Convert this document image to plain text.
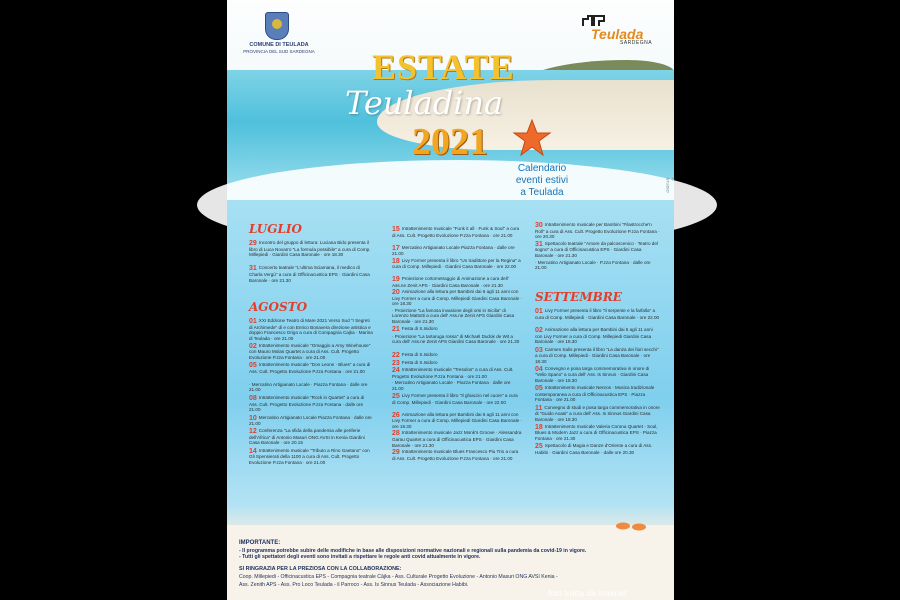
COMUNE DI TEULADA
PROVINCIA DEL SUD SARDEGNA
Teulada
SARDEGNA
ESTATE
Teuladina
2021
Calendario
eventi estivi
a Teulada
© STUDIO
LUGLIO
AGOSTO
SETTEMBRE
29 Incontro del gruppo di lettura: Luciana Bido presenta il libro di Luca Novarro "La formula possibile" a cura di Comp. Millepiedi · Giardini Casa Baronale · ore 18.30
31 Concerto teatrale "L'ultima Sciamana, il medico di Charla Vergù" a cura di Officinacustica EPS · Giardini Casa Baronale · ore 21.30
01 XXI Edizione Teatro di Mare 2021 Verso Sud "I Segreti di Archimede" di e con Enrico Bonavera direzione artistica e doppio Francesco Origo a cura di Compagnia Cajka · Marina di Teulada · ore 21.00
02 Intrattenimento musicale "Omaggio a Amy Winehouse" con Mauro Molas Quartet a cura di Ass. Cult. Progetto Evoluzione P.zza Fontana · ore 21.00
05 Intrattenimento musicale "Don Leone · Blues" a cura di Ass. Cult. Progetto Evoluzione P.zza Fontana · ore 21.00
· Mercatino Artigianato Locale · Piazza Fontana · dalle ore 21.00
08 Intrattenimento musicale "Rock in Quartet" a cura di Ass. Cult. Progetto Evoluzione P.zza Fontana · dalle ore 21.00
10 Mercatino Artigianato Locale Piazza Fontana · dalle ore 21.00
12 Conferenza "La sfida della pandemia alle periferie dell'Africa" di Antonio Masuri ONG AVSI in Kenia Giardini Casa Baronale · ore 20.15
14 Intrattenimento musicale "Tributo a Rino Gaetano" con Gli Spensierati della 1100 a cura di Ass. Cult. Progetto Evoluzione P.zza Fontana · ore 21.00
15 Intrattenimento musicale "Funk it all · Funk & Soul" a cura di Ass. Cult. Progetto Evoluzione P.zza Fontana · ore 21.00
17 Mercatino Artigianato Locale Piazza Fontana · dalle ore 21.00
18 Livy Former presenta il libro "Un tradittore per la Regina" a cura di Comp. Millepiedi · Giardini Casa Baronale · ore 22.00
19 Proiezione cortometraggio di Animazione a cura dell' Ass.ne Zenit APS · Giardini Casa Baronale · ore 21.30
20 Animazione alla lettura per Bambini dai 6 agli 11 anni con Livy Former a cura di Comp. Millepiedi Giardini Casa Baronale · ore 18.30
· Proiezione "La famosa invasione degli orsi in Sicilia" di Lorenzo Mattotti a cura dell' Ass.ne Zenit APS Giardini Casa Baronale · ore 21.30
21 Festa di S.Isidoro
· Proiezione "La tartaruga rossa" di Michaël Dudok de Wit a cura dell' Ass.ne Zenit APS Giardini Casa Baronale · ore 21.30
22 Festa di S.Isidoro
23 Festa di S.Isidoro
24 Intrattenimento musicale "Tresolos" a cura di Ass. Cult. Progetto Evoluzione P.zza Fontana · ore 21.00
· Mercatino Artigianato Locale · Piazza Fontana · dalle ore 21.00
25 Livy Former presenta il libro "Il ghiaccio nel cuore" a cura di Comp. Millepiedi · Giardini Casa Baronale · ore 22.00
26 Animazione alla lettura per Bambini dai 6 agli 11 anni con Livy Former a cura di Comp. Millepiedi Giardini Casa Baronale · ore 18.30
28 Intrattenimento musicale Jazz Monk's Groove · Alessandra Garau Quartet a cura di Officinacustica EPS · Giardini Casa Baronale · ore 21.30
29 Intrattenimento musicale Blues Francesco Piu Trio a cura di Ass. Cult. Progetto Evoluzione P.zza Fontana · ore 21.00
30 Intrattenimento musicale per Bambini "Filastrocche'n Roll" a cura di Ass. Cult. Progetto Evoluzione P.zza Fontana · ore 20.30
31 Spettacolo teatrale "Amore da palcoscenico · Teatro del sogno" a cura di Officinacustica EPS · Giardini Casa Baronale · ore 21.30
· Mercatino Artigianato Locale · P.zza Fontana · dalle ore 21.00
01 Livy Former presenta il libro "Il serpente e la farfalla" a cura di Comp. Millepiedi · Giardini Casa Baronale · ore 22.00
02 Animazione alla lettura per Bambini dai 6 agli 11 anni con Livy Former a cura di Comp. Millepiedi Giardini Casa Baronale · ore 18.30
03 Carmen Salis presenta il libro "La danza dei fiori secchi" a cura di Comp. Millepiedi · Giardini Casa Baronale · ore 18.30
04 Convegno e posa targa commemorativa in onore di "Velio Spano" a cura dell' Ass. Is Sinnus · Giardini Casa Baronale · ore 18.30
05 Intrattenimento musicale Nenros · Musica tradizionale contemporanea a cura di Officinacustica EPS · Piazza Fontana · ore 21.00
11 Convegno di studi e posa targa commemorativa in onore di "Guido Aoasi" a cura dell' Ass. Is Sinnus Giardini Casa Baronale · ore 18.30
18 Intrattenimento musicale Valeria Corona Quartet · Soul, Blues & Modern Jazz a cura di Officinacustica EPS · Piazza Fontana · ore 21.30
25 Spettacolo di Magia e Danze d'Oriente a cura di Ass. Habibi · Giardini Casa Baronale · dalle ore 20.30
IMPORTANTE:
- Il programma potrebbe subire delle modifiche in base alle disposizioni normative nazionali e regionali sulla pandemia da covid-19 in vigore.
- Tutti gli spettatori degli eventi sono invitati a rispettare le regole anti covid attualmente in vigore.
SI RINGRAZIA PER LA PREZIOSA CON LA COLLABORAZIONE:
Coop. Millepiedi - Officinacustica EPS - Compagnia teatrale Cājka - Ass. Culturale Progetto Evoluzione - Antonio Masuri ONG AVSI Kenia -
Ass. Zenith APS - Ass. Pro Loco Teulada - il Parroco - Ass. Is Sinnus Teulada - Associazione Habibi.
foto tratta da internet
